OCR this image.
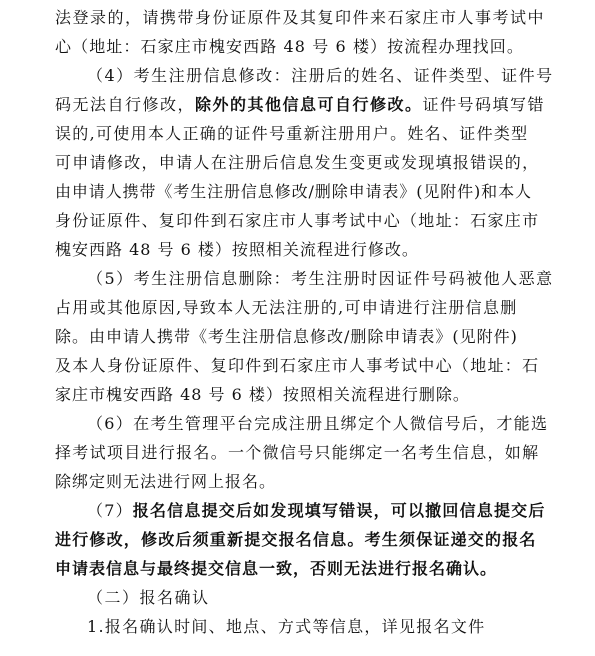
法登录的，请携带身份证原件及其复印件来石家庄市人事考试中
心（地址：石家庄市槐安西路 48 号 6 楼）按流程办理找回。
（4）考生注册信息修改：注册后的姓名、证件类型、证件号
码无法自行修改，除外的其他信息可自行修改。证件号码填写错
误的,可使用本人正确的证件号重新注册用户。姓名、证件类型
可申请修改，申请人在注册后信息发生变更或发现填报错误的，
由申请人携带《考生注册信息修改/删除申请表》(见附件)和本人
身份证原件、复印件到石家庄市人事考试中心（地址：石家庄市
槐安西路 48 号 6 楼）按照相关流程进行修改。
（5）考生注册信息删除：考生注册时因证件号码被他人恶意
占用或其他原因,导致本人无法注册的,可申请进行注册信息删
除。由申请人携带《考生注册信息修改/删除申请表》(见附件)
及本人身份证原件、复印件到石家庄市人事考试中心（地址：石
家庄市槐安西路 48 号 6 楼）按照相关流程进行删除。
（6）在考生管理平台完成注册且绑定个人微信号后，才能选
择考试项目进行报名。一个微信号只能绑定一名考生信息，如解
除绑定则无法进行网上报名。
（7）报名信息提交后如发现填写错误，可以撤回信息提交后
进行修改，修改后须重新提交报名信息。考生须保证递交的报名
申请表信息与最终提交信息一致，否则无法进行报名确认。
（二）报名确认
1.报名确认时间、地点、方式等信息，详见报名文件
